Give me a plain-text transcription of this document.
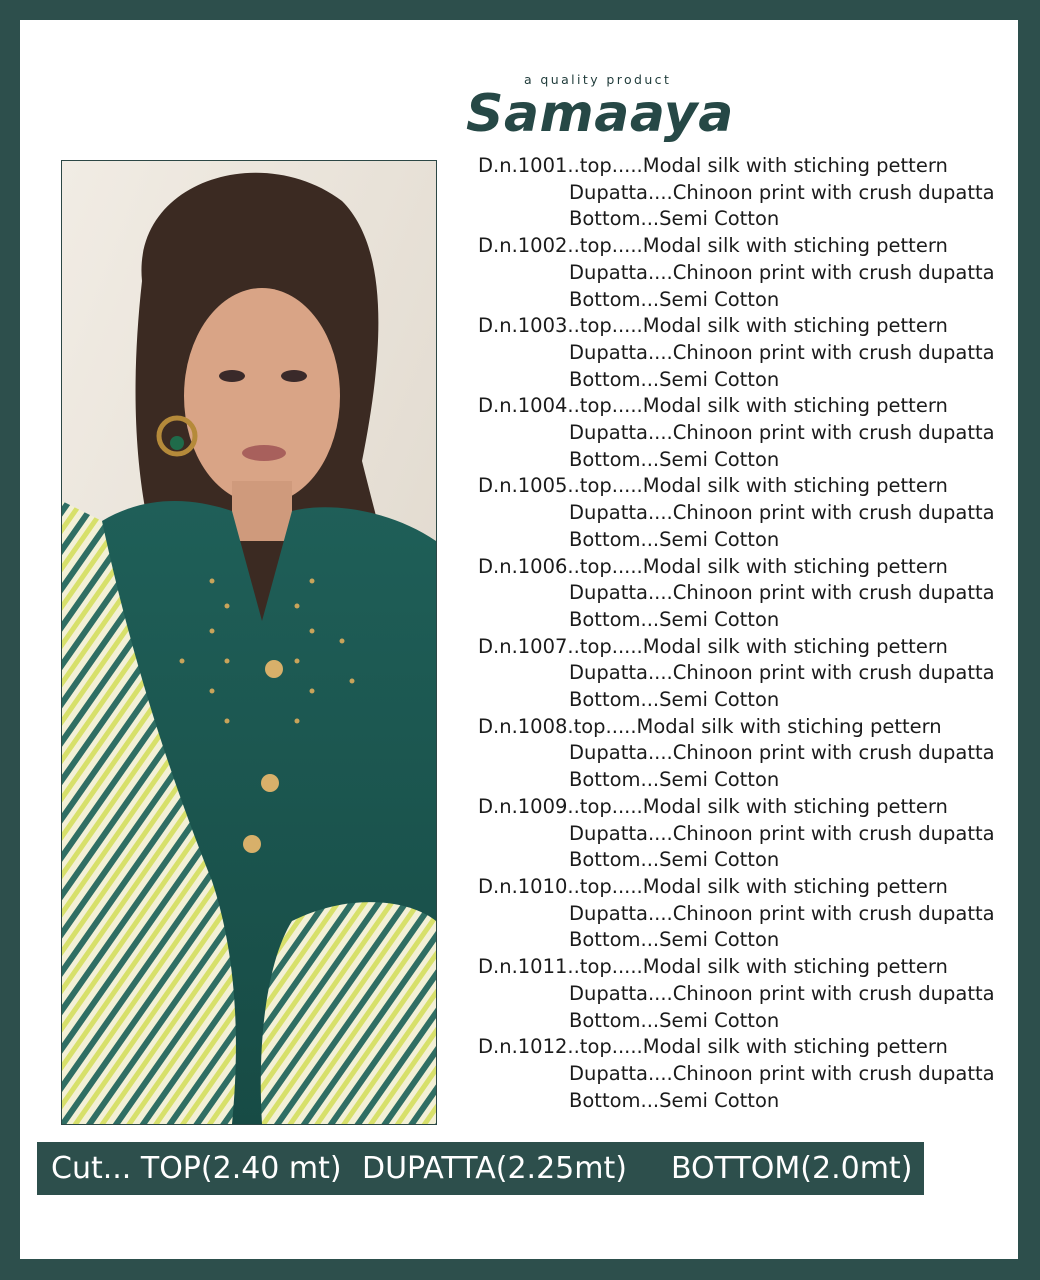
a quality product
Samaaya
D.n.1001..top.....Modal silk with stiching pettern
Dupatta....Chinoon print with crush dupatta
Bottom...Semi Cotton
D.n.1002..top.....Modal silk with stiching pettern
Dupatta....Chinoon print with crush dupatta
Bottom...Semi Cotton
D.n.1003..top.....Modal silk with stiching pettern
Dupatta....Chinoon print with crush dupatta
Bottom...Semi Cotton
D.n.1004..top.....Modal silk with stiching pettern
Dupatta....Chinoon print with crush dupatta
Bottom...Semi Cotton
D.n.1005..top.....Modal silk with stiching pettern
Dupatta....Chinoon print with crush dupatta
Bottom...Semi Cotton
D.n.1006..top.....Modal silk with stiching pettern
Dupatta....Chinoon print with crush dupatta
Bottom...Semi Cotton
D.n.1007..top.....Modal silk with stiching pettern
Dupatta....Chinoon print with crush dupatta
Bottom...Semi Cotton
D.n.1008.top.....Modal silk with stiching pettern
Dupatta....Chinoon print with crush dupatta
Bottom...Semi Cotton
D.n.1009..top.....Modal silk with stiching pettern
Dupatta....Chinoon print with crush dupatta
Bottom...Semi Cotton
D.n.1010..top.....Modal silk with stiching pettern
Dupatta....Chinoon print with crush dupatta
Bottom...Semi Cotton
D.n.1011..top.....Modal silk with stiching pettern
Dupatta....Chinoon print with crush dupatta
Bottom...Semi Cotton
D.n.1012..top.....Modal silk with stiching pettern
Dupatta....Chinoon print with crush dupatta
Bottom...Semi Cotton
Cut... TOP(2.40 mt) DUPATTA(2.25mt) BOTTOM(2.0mt)
